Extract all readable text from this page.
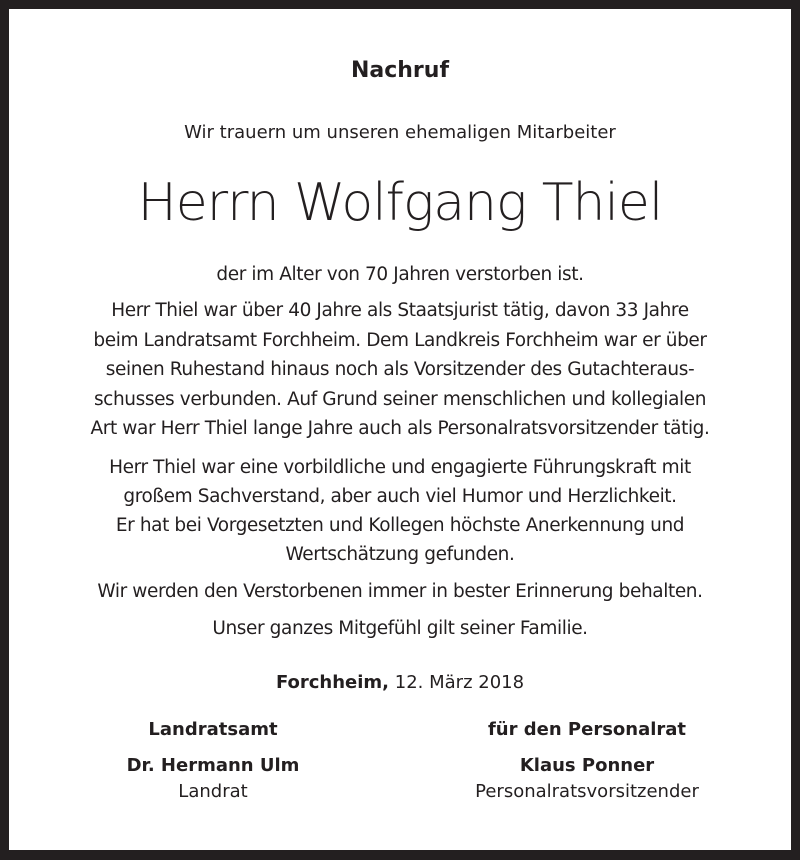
Nachruf
Wir trauern um unseren ehemaligen Mitarbeiter
Herrn Wolfgang Thiel
der im Alter von 70 Jahren verstorben ist.
Herr Thiel war über 40 Jahre als Staatsjurist tätig, davon 33 Jahre
beim Landratsamt Forchheim. Dem Landkreis Forchheim war er über
seinen Ruhestand hinaus noch als Vorsitzender des Gutachteraus-
schusses verbunden. Auf Grund seiner menschlichen und kollegialen
Art war Herr Thiel lange Jahre auch als Personalratsvorsitzender tätig.
Herr Thiel war eine vorbildliche und engagierte Führungskraft mit
großem Sachverstand, aber auch viel Humor und Herzlichkeit.
Er hat bei Vorgesetzten und Kollegen höchste Anerkennung und
Wertschätzung gefunden.
Wir werden den Verstorbenen immer in bester Erinnerung behalten.
Unser ganzes Mitgefühl gilt seiner Familie.
Forchheim, 12. März 2018
Landratsamt
Dr. Hermann Ulm
Landrat
für den Personalrat
Klaus Ponner
Personalratsvorsitzender
